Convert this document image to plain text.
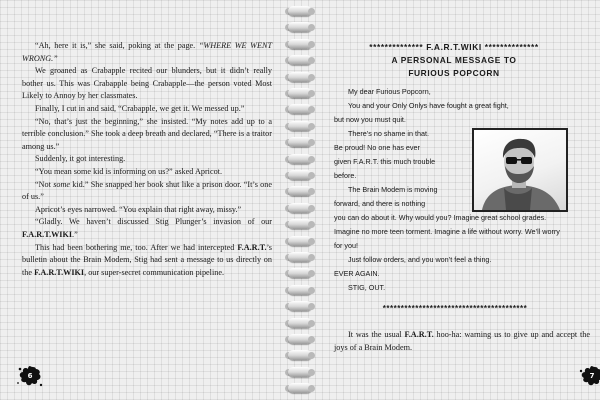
“Ah, here it is,” she said, poking at the page. “WHERE WE WENT WRONG.”

We groaned as Crabapple recited our blunders, but it didn’t really bother us. This was Crabapple being Crabapple—the person voted Most Likely to Annoy by her classmates.

Finally, I cut in and said, “Crabapple, we get it. We messed up.”

“No, that’s just the beginning,” she insisted. “My notes add up to a terrible conclusion.” She took a deep breath and declared, “There is a traitor among us.”

Suddenly, it got interesting.

“You mean some kid is informing on us?” asked Apricot.

“Not some kid.” She snapped her book shut like a prison door. “It’s one of us.”

Apricot’s eyes narrowed. “You explain that right away, missy.”

“Gladly. We haven’t discussed Stig Plunger’s invasion of our F.A.R.T.WIKI.”

This had been bothering me, too. After we had intercepted F.A.R.T.’s bulletin about the Brain Modem, Stig had sent a message to us directly on the F.A.R.T.WIKI, our super-secret communication pipeline.

6
************** F.A.R.T.WIKI **************
A PERSONAL MESSAGE TO
FURIOUS POPCORN

My dear Furious Popcorn,

You and your Only Onlys have fought a great fight,

but now you must quit.

There’s no shame in that.

Be proud! No one has ever

given F.A.R.T. this much trouble

before.

The Brain Modem is moving

forward, and there is nothing

you can do about it. Why would you? Imagine great school grades. Imagine no more teen torment. Imagine a life without worry. We’ll worry for you!

Just follow orders, and you won’t feel a thing.

EVER AGAIN.

STIG, OUT.

****************************************

It was the usual F.A.R.T. hoo-ha: warning us to give up and accept the joys of a Brain Modem.

7
